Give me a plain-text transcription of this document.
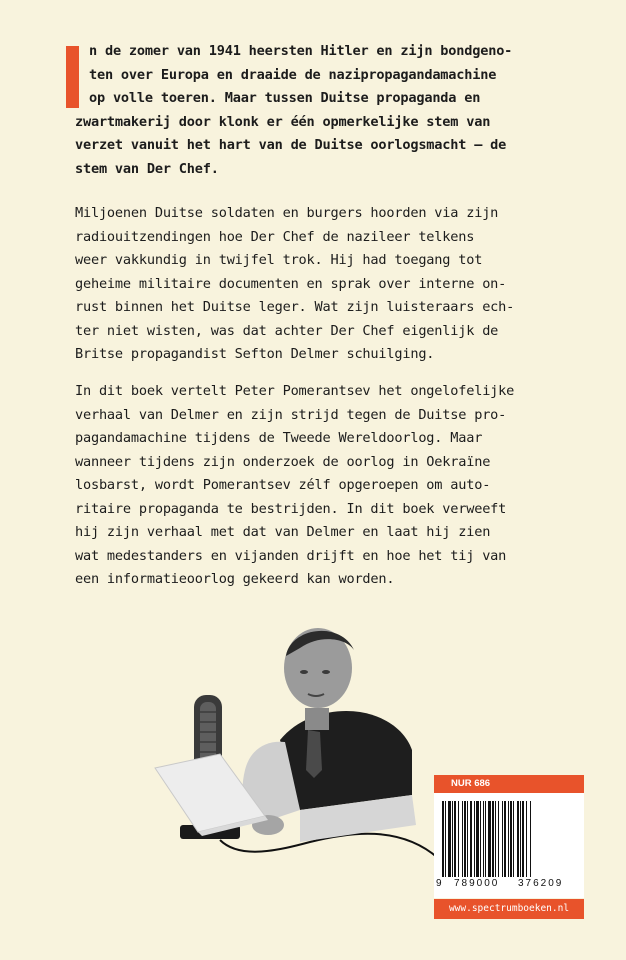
n de zomer van 1941 heersten Hitler en zijn bondgeno-
ten over Europa en draaide de nazipropagandamachine
op volle toeren. Maar tussen Duitse propaganda en
zwartmakerij door klonk er één opmerkelijke stem van
verzet vanuit het hart van de Duitse oorlogsmacht – de
stem van Der Chef.
Miljoenen Duitse soldaten en burgers hoorden via zijn
radiouitzendingen hoe Der Chef de nazileer telkens
weer vakkundig in twijfel trok. Hij had toegang tot
geheime militaire documenten en sprak over interne on-
rust binnen het Duitse leger. Wat zijn luisteraars ech-
ter niet wisten, was dat achter Der Chef eigenlijk de
Britse propagandist Sefton Delmer schuilging.
In dit boek vertelt Peter Pomerantsev het ongelofelijke
verhaal van Delmer en zijn strijd tegen de Duitse pro-
pagandamachine tijdens de Tweede Wereldoorlog. Maar
wanneer tijdens zijn onderzoek de oorlog in Oekraïne
losbarst, wordt Pomerantsev zélf opgeroepen om auto-
ritaire propaganda te bestrijden. In dit boek verweeft
hij zijn verhaal met dat van Delmer en laat hij zien
wat medestanders en vijanden drijft en hoe het tij van
een informatieoorlog gekeerd kan worden.
NUR 686
9 789000 376209
www.spectrumboeken.nl
